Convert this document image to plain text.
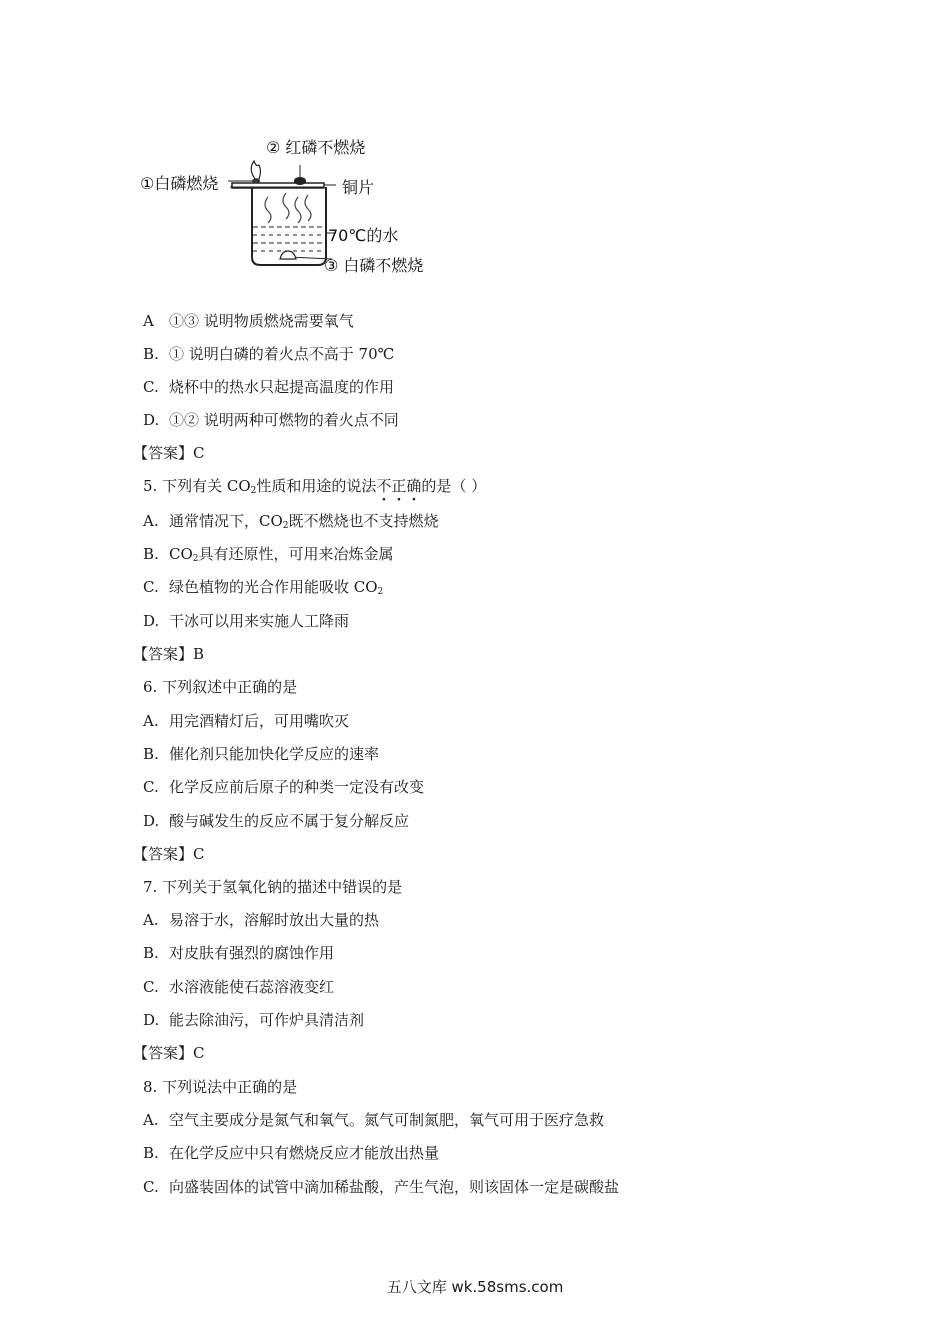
①白磷燃烧
② 红磷不燃烧
铜片
70℃的水
③ 白磷不燃烧
A ①③ 说明物质燃烧需要氧气
B. ① 说明白磷的着火点不高于 70℃
C. 烧杯中的热水只起提高温度的作用
D. ①② 说明两种可燃物的着火点不同
【答案】C
5. 下列有关 $CO_2$性质和用途的说法不正确的是（ ）
A. 通常情况下，$CO_2$既不燃烧也不支持燃烧
B. $CO_2$具有还原性，可用来冶炼金属
C. 绿色植物的光合作用能吸收 $CO_2$
D. 干冰可以用来实施人工降雨
【答案】B
6. 下列叙述中正确的是
A. 用完酒精灯后，可用嘴吹灭
B. 催化剂只能加快化学反应的速率
C. 化学反应前后原子的种类一定没有改变
D. 酸与碱发生的反应不属于复分解反应
【答案】C
7. 下列关于氢氧化钠的描述中错误的是
A. 易溶于水，溶解时放出大量的热
B. 对皮肤有强烈的腐蚀作用
C. 水溶液能使石蕊溶液变红
D. 能去除油污，可作炉具清洁剂
【答案】C
8. 下列说法中正确的是
A. 空气主要成分是氮气和氧气。氮气可制氮肥，氧气可用于医疗急救
B. 在化学反应中只有燃烧反应才能放出热量
C. 向盛装固体的试管中滴加稀盐酸，产生气泡，则该固体一定是碳酸盐
五八文库 wk.58sms.com
